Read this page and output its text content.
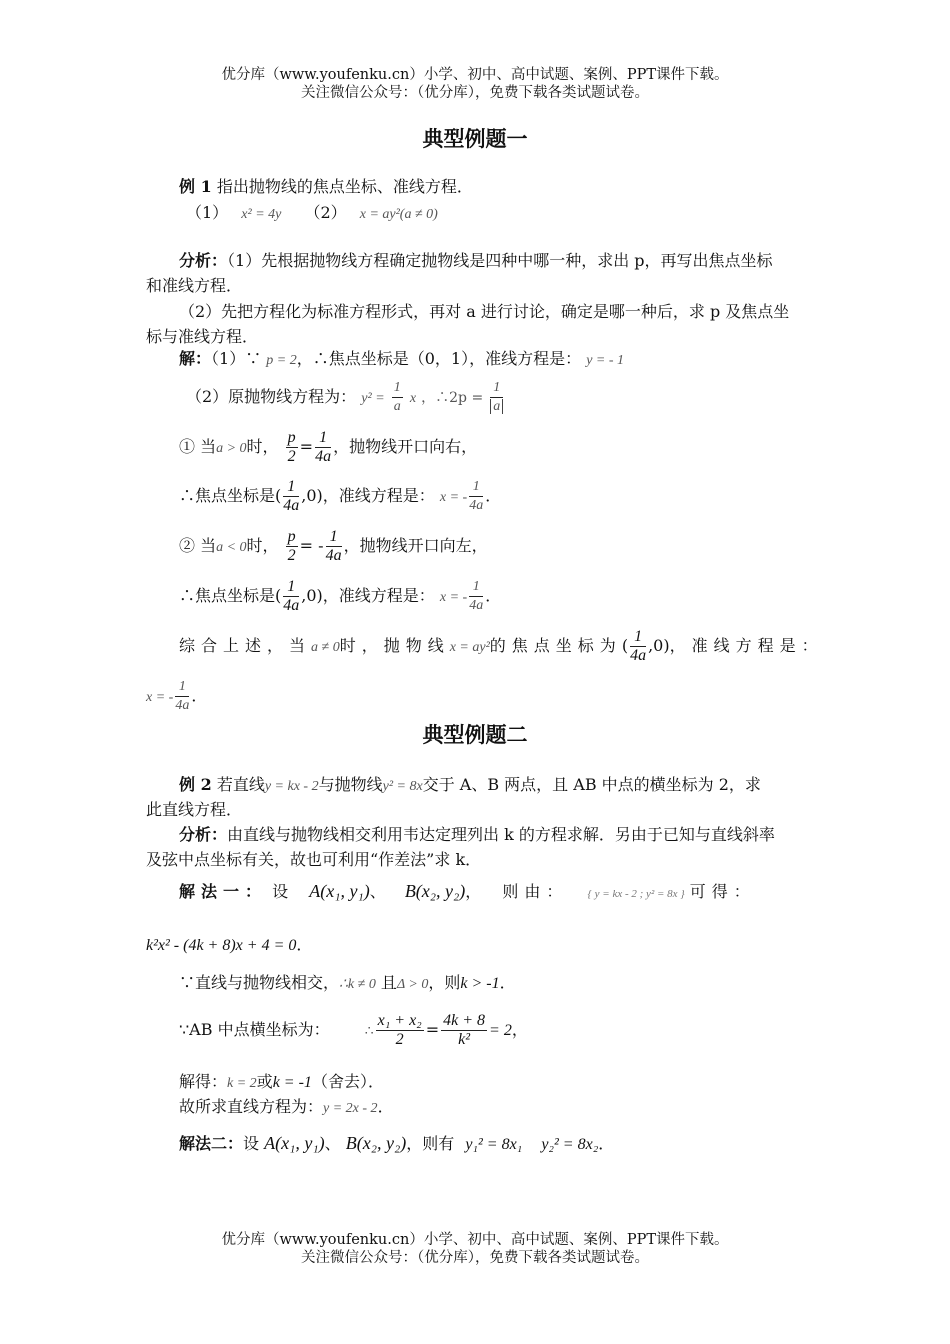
优分库（www.youfenku.cn）小学、初中、高中试题、案例、PPT课件下载。
关注微信公众号：（优分库），免费下载各类试题试卷。
典型例题一
例 1 指出抛物线的焦点坐标、准线方程．
（1） x² = 4y （2） x = ay²(a ≠ 0)
分析：（1）先根据抛物线方程确定抛物线是四种中哪一种，求出 p，再写出焦点坐标
和准线方程．
（2）先把方程化为标准方程形式，再对 a 进行讨论，确定是哪一种后，求 p 及焦点坐
标与准线方程．
解：（1）∵ p = 2，∴焦点坐标是（0，1），准线方程是： y = - 1
（2）原抛物线方程为： $y^2 = \frac{1}{a}$ x ，∴2p = $\frac{1}{a}$
① 当a > 0时， $\frac{p}{2} = \frac{1}{4a}$ ，抛物线开口向右，
∴焦点坐标是( $\frac{1}{4a} ,0$)，准线方程是： x = - $\frac{1}{4a}$ ．
② 当a < 0时， $\frac{p}{2}$ = - $\frac{1}{4a}$ ，抛物线开口向左，
∴焦点坐标是( $\frac{1}{4a} ,0$)，准线方程是： x = - $\frac{1}{4a}$ ．
综合上述，当a ≠ 0时，抛物线x = ay²的焦点坐标为( $\frac{1}{4a} ,0$)，准线方程是：
x = - $\frac{1}{4a}$ ．
典型例题二
例 2 若直线y = kx - 2与抛物线y² = 8x交于 A、B 两点，且 AB 中点的横坐标为 2，求
此直线方程．
分析：由直线与抛物线相交利用韦达定理列出 k 的方程求解．另由于已知与直线斜率
及弦中点坐标有关，故也可利用“作差法”求 k．
解法一： 设 A(x₁, y₁)、 B(x₂, y₂)， 则由： { y = kx - 2 ; y² = 8x } 可得：
k²x² - (4k + 8)x + 4 = 0．
∵直线与抛物线相交，∴k ≠ 0 且Δ > 0，则k > -1．
∵AB 中点横坐标为：	∴ $\frac{\text{x₁ + x₂}}{2} = \frac{4k + 8}{\text{k²}} = 2$，
解得：k = 2或k = -1（舍去）．
故所求直线方程为：y = 2x - 2．
解法二：设 A(x₁, y₁)、 B(x₂, y₂)，则有 y₁² = 8x₁ y₂² = 8x₂．
优分库（www.youfenku.cn）小学、初中、高中试题、案例、PPT课件下载。
关注微信公众号：（优分库），免费下载各类试题试卷。
